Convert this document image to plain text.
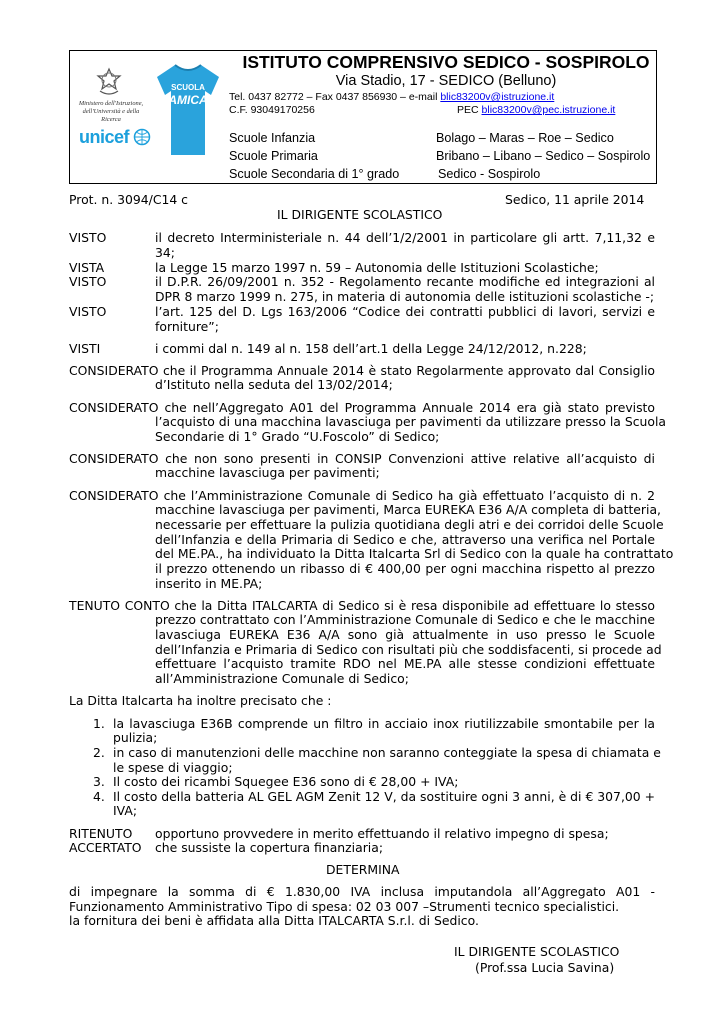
Ministero dell'Istruzione, dell'Università e della Ricerca
unicef
SCUOLA
AMICA
ISTITUTO COMPRENSIVO SEDICO - SOSPIROLO
Via Stadio, 17 - SEDICO (Belluno)
Tel. 0437 82772 – Fax 0437 856930 – e-mail blic83200v@istruzione.it
C.F. 93049170256	PEC blic83200v@pec.istruzione.it
Scuole Infanzia	Bolago – Maras – Roe – Sedico
Scuole Primaria	Bribano – Libano – Sedico – Sospirolo
Scuole Secondaria di 1° grado	Sedico - Sospirolo
Prot. n. 3094/C14 c	Sedico, 11 aprile 2014
IL DIRIGENTE SCOLASTICO
VISTO	il decreto Interministeriale n. 44 dell’1/2/2001 in particolare gli artt. 7,11,32 e
34;
VISTA	la Legge 15 marzo 1997 n. 59 – Autonomia delle Istituzioni Scolastiche;
VISTO	il D.P.R. 26/09/2001 n. 352 - Regolamento recante modifiche ed integrazioni al
DPR 8 marzo 1999 n. 275, in materia di autonomia delle istituzioni scolastiche -;
VISTO	l’art. 125 del D. Lgs 163/2006 “Codice dei contratti pubblici di lavori, servizi e
forniture”;
VISTI	i commi dal n. 149 al n. 158 dell’art.1 della Legge 24/12/2012, n.228;
CONSIDERATO che il Programma Annuale 2014 è stato Regolarmente approvato dal Consiglio
d’Istituto nella seduta del 13/02/2014;
CONSIDERATO che nell’Aggregato A01 del Programma Annuale 2014 era già stato previsto
l’acquisto di una macchina lavasciuga per pavimenti da utilizzare presso la Scuola
Secondarie di 1° Grado “U.Foscolo” di Sedico;
CONSIDERATO che non sono presenti in CONSIP Convenzioni attive relative all’acquisto di
macchine lavasciuga per pavimenti;
CONSIDERATO che l’Amministrazione Comunale di Sedico ha già effettuato l’acquisto di n. 2
macchine lavasciuga per pavimenti, Marca EUREKA E36 A/A completa di batteria,
necessarie per effettuare la pulizia quotidiana degli atri e dei corridoi delle Scuole
dell’Infanzia e della Primaria di Sedico e che, attraverso una verifica nel Portale
del ME.PA., ha individuato la Ditta Italcarta Srl di Sedico con la quale ha contrattato
il prezzo ottenendo un ribasso di € 400,00 per ogni macchina rispetto al prezzo
inserito in ME.PA;
TENUTO CONTO che la Ditta ITALCARTA di Sedico si è resa disponibile ad effettuare lo stesso
prezzo contrattato con l’Amministrazione Comunale di Sedico e che le macchine
lavasciuga EUREKA E36 A/A sono già attualmente in uso presso le Scuole
dell’Infanzia e Primaria di Sedico con risultati più che soddisfacenti, si procede ad
effettuare l’acquisto tramite RDO nel ME.PA alle stesse condizioni effettuate
all’Amministrazione Comunale di Sedico;
La Ditta Italcarta ha inoltre precisato che :
1. la lavasciuga E36B comprende un filtro in acciaio inox riutilizzabile smontabile per la
pulizia;
2. in caso di manutenzioni delle macchine non saranno conteggiate la spesa di chiamata e
le spese di viaggio;
3. Il costo dei ricambi Squegee E36 sono di € 28,00 + IVA;
4. Il costo della batteria AL GEL AGM Zenit 12 V, da sostituire ogni 3 anni, è di € 307,00 +
IVA;
RITENUTO opportuno provvedere in merito effettuando il relativo impegno di spesa;
ACCERTATO che sussiste la copertura finanziaria;
DETERMINA
di impegnare la somma di € 1.830,00 IVA inclusa imputandola all’Aggregato A01 -
Funzionamento Amministrativo Tipo di spesa: 02 03 007 –Strumenti tecnico specialistici.
la fornitura dei beni è affidata alla Ditta ITALCARTA S.r.l. di Sedico.
IL DIRIGENTE SCOLASTICO
(Prof.ssa Lucia Savina)
